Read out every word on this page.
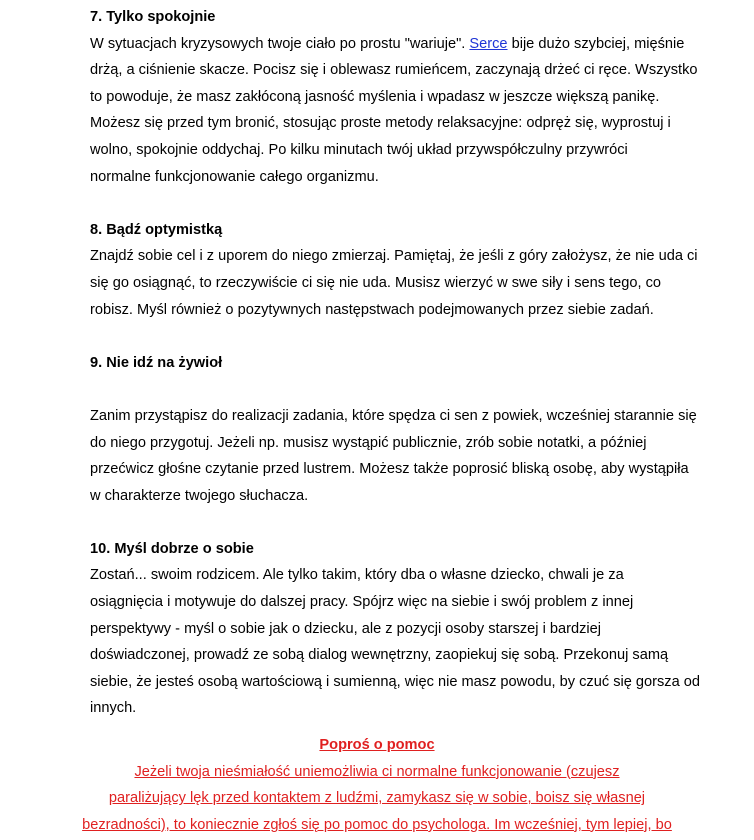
7. Tylko spokojnie
W sytuacjach kryzysowych twoje ciało po prostu "wariuje". Serce bije dużo szybciej, mięśnie
drżą, a ciśnienie skacze. Pocisz się i oblewasz rumieńcem, zaczynają drżeć ci ręce. Wszystko
to powoduje, że masz zakłóconą jasność myślenia i wpadasz w jeszcze większą panikę.
Możesz się przed tym bronić, stosując proste metody relaksacyjne: odpręż się, wyprostuj i
wolno, spokojnie oddychaj. Po kilku minutach twój układ przywspółczulny przywróci
normalne funkcjonowanie całego organizmu.
8. Bądź optymistką
Znajdź sobie cel i z uporem do niego zmierzaj. Pamiętaj, że jeśli z góry założysz, że nie uda ci
się go osiągnąć, to rzeczywiście ci się nie uda. Musisz wierzyć w swe siły i sens tego, co
robisz. Myśl również o pozytywnych następstwach podejmowanych przez siebie zadań.
9. Nie idź na żywioł
Zanim przystąpisz do realizacji zadania, które spędza ci sen z powiek, wcześniej starannie się
do niego przygotuj. Jeżeli np. musisz wystąpić publicznie, zrób sobie notatki, a później
przećwicz głośne czytanie przed lustrem. Możesz także poprosić bliską osobę, aby wystąpiła
w charakterze twojego słuchacza.
10. Myśl dobrze o sobie
Zostań... swoim rodzicem. Ale tylko takim, który dba o własne dziecko, chwali je za
osiągnięcia i motywuje do dalszej pracy. Spójrz więc na siebie i swój problem z innej
perspektywy - myśl o sobie jak o dziecku, ale z pozycji osoby starszej i bardziej
doświadczonej, prowadź ze sobą dialog wewnętrzny, zaopiekuj się sobą. Przekonuj samą
siebie, że jesteś osobą wartościową i sumienną, więc nie masz powodu, by czuć się gorsza od
innych.
Poproś o pomoc
Jeżeli twoja nieśmiałość uniemożliwia ci normalne funkcjonowanie (czujesz
paraliżujący lęk przed kontaktem z ludźmi, zamykasz się w sobie, boisz się własnej
bezradności), to koniecznie zgłoś się po pomoc do psychologa. Im wcześniej, tym lepiej, bo
